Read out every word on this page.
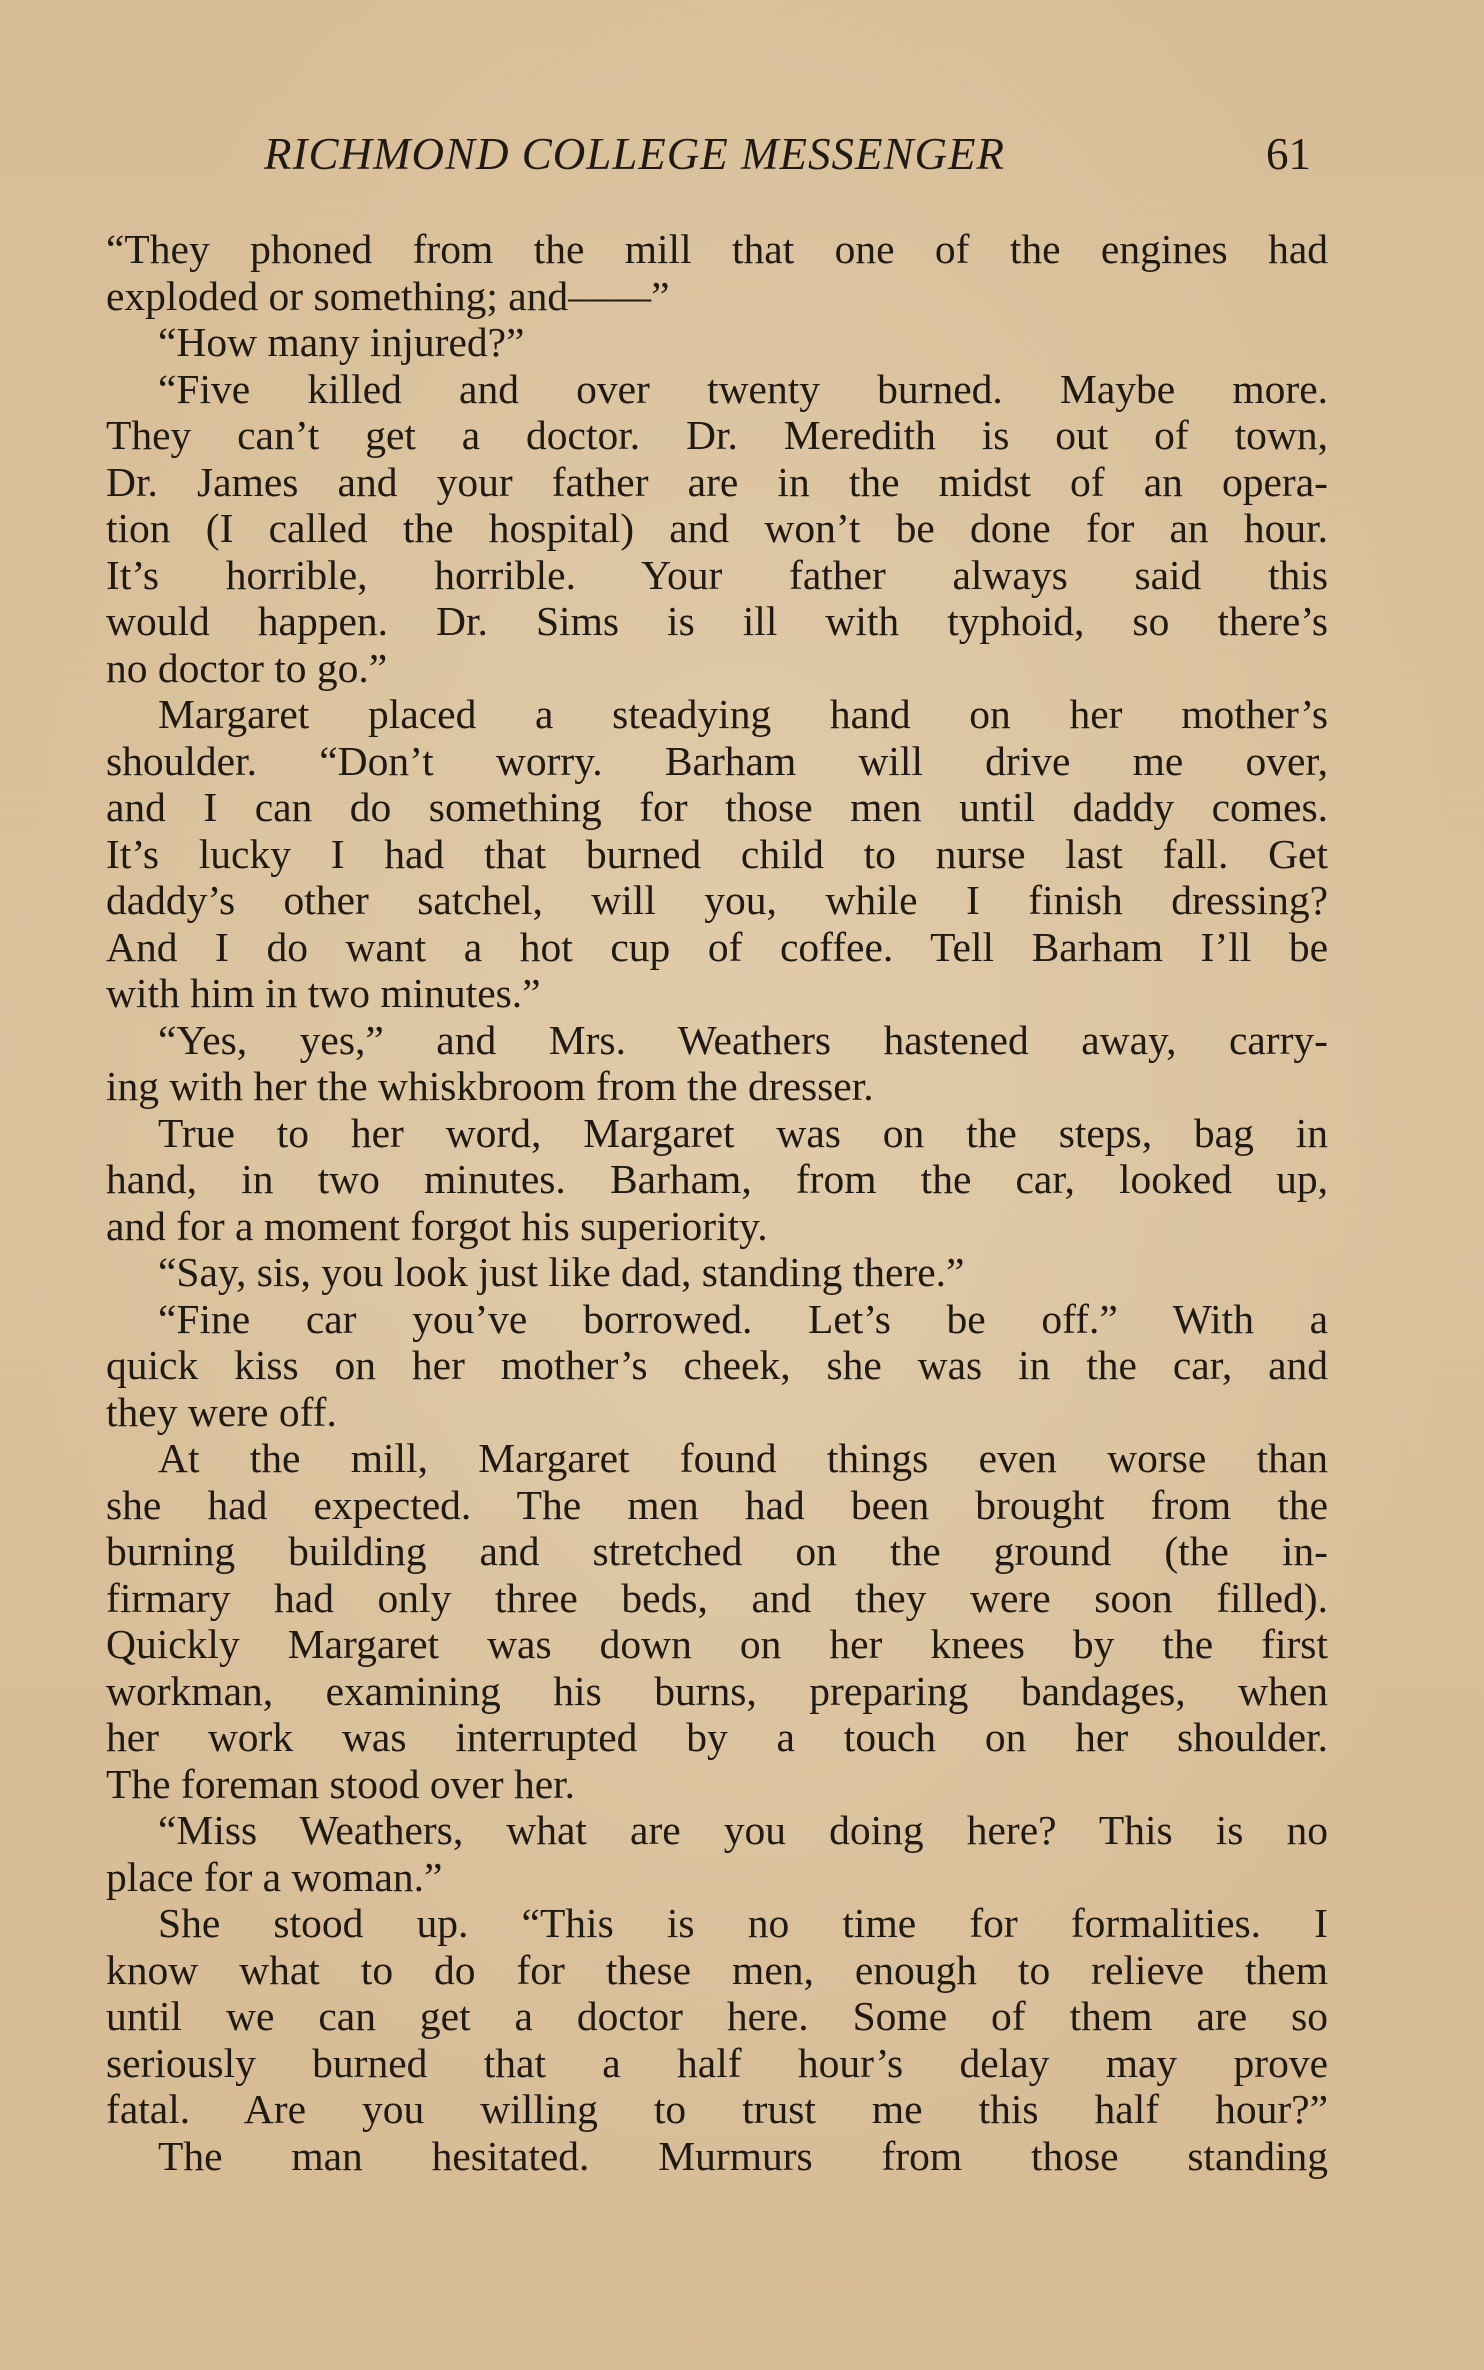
RICHMOND COLLEGE MESSENGER	61
“They phoned from the mill that one of the engines had
exploded or something; and——”
“How many injured?”
“Five killed and over twenty burned. Maybe more.
They can’t get a doctor. Dr. Meredith is out of town,
Dr. James and your father are in the midst of an opera-
tion (I called the hospital) and won’t be done for an hour.
It’s horrible, horrible. Your father always said this
would happen. Dr. Sims is ill with typhoid, so there’s
no doctor to go.”
Margaret placed a steadying hand on her mother’s
shoulder. “Don’t worry. Barham will drive me over,
and I can do something for those men until daddy comes.
It’s lucky I had that burned child to nurse last fall. Get
daddy’s other satchel, will you, while I finish dressing?
And I do want a hot cup of coffee. Tell Barham I’ll be
with him in two minutes.”
“Yes, yes,” and Mrs. Weathers hastened away, carry-
ing with her the whiskbroom from the dresser.
True to her word, Margaret was on the steps, bag in
hand, in two minutes. Barham, from the car, looked up,
and for a moment forgot his superiority.
“Say, sis, you look just like dad, standing there.”
“Fine car you’ve borrowed. Let’s be off.” With a
quick kiss on her mother’s cheek, she was in the car, and
they were off.
At the mill, Margaret found things even worse than
she had expected. The men had been brought from the
burning building and stretched on the ground (the in-
firmary had only three beds, and they were soon filled).
Quickly Margaret was down on her knees by the first
workman, examining his burns, preparing bandages, when
her work was interrupted by a touch on her shoulder.
The foreman stood over her.
“Miss Weathers, what are you doing here? This is no
place for a woman.”
She stood up. “This is no time for formalities. I
know what to do for these men, enough to relieve them
until we can get a doctor here. Some of them are so
seriously burned that a half hour’s delay may prove
fatal. Are you willing to trust me this half hour?”
The man hesitated. Murmurs from those standing
